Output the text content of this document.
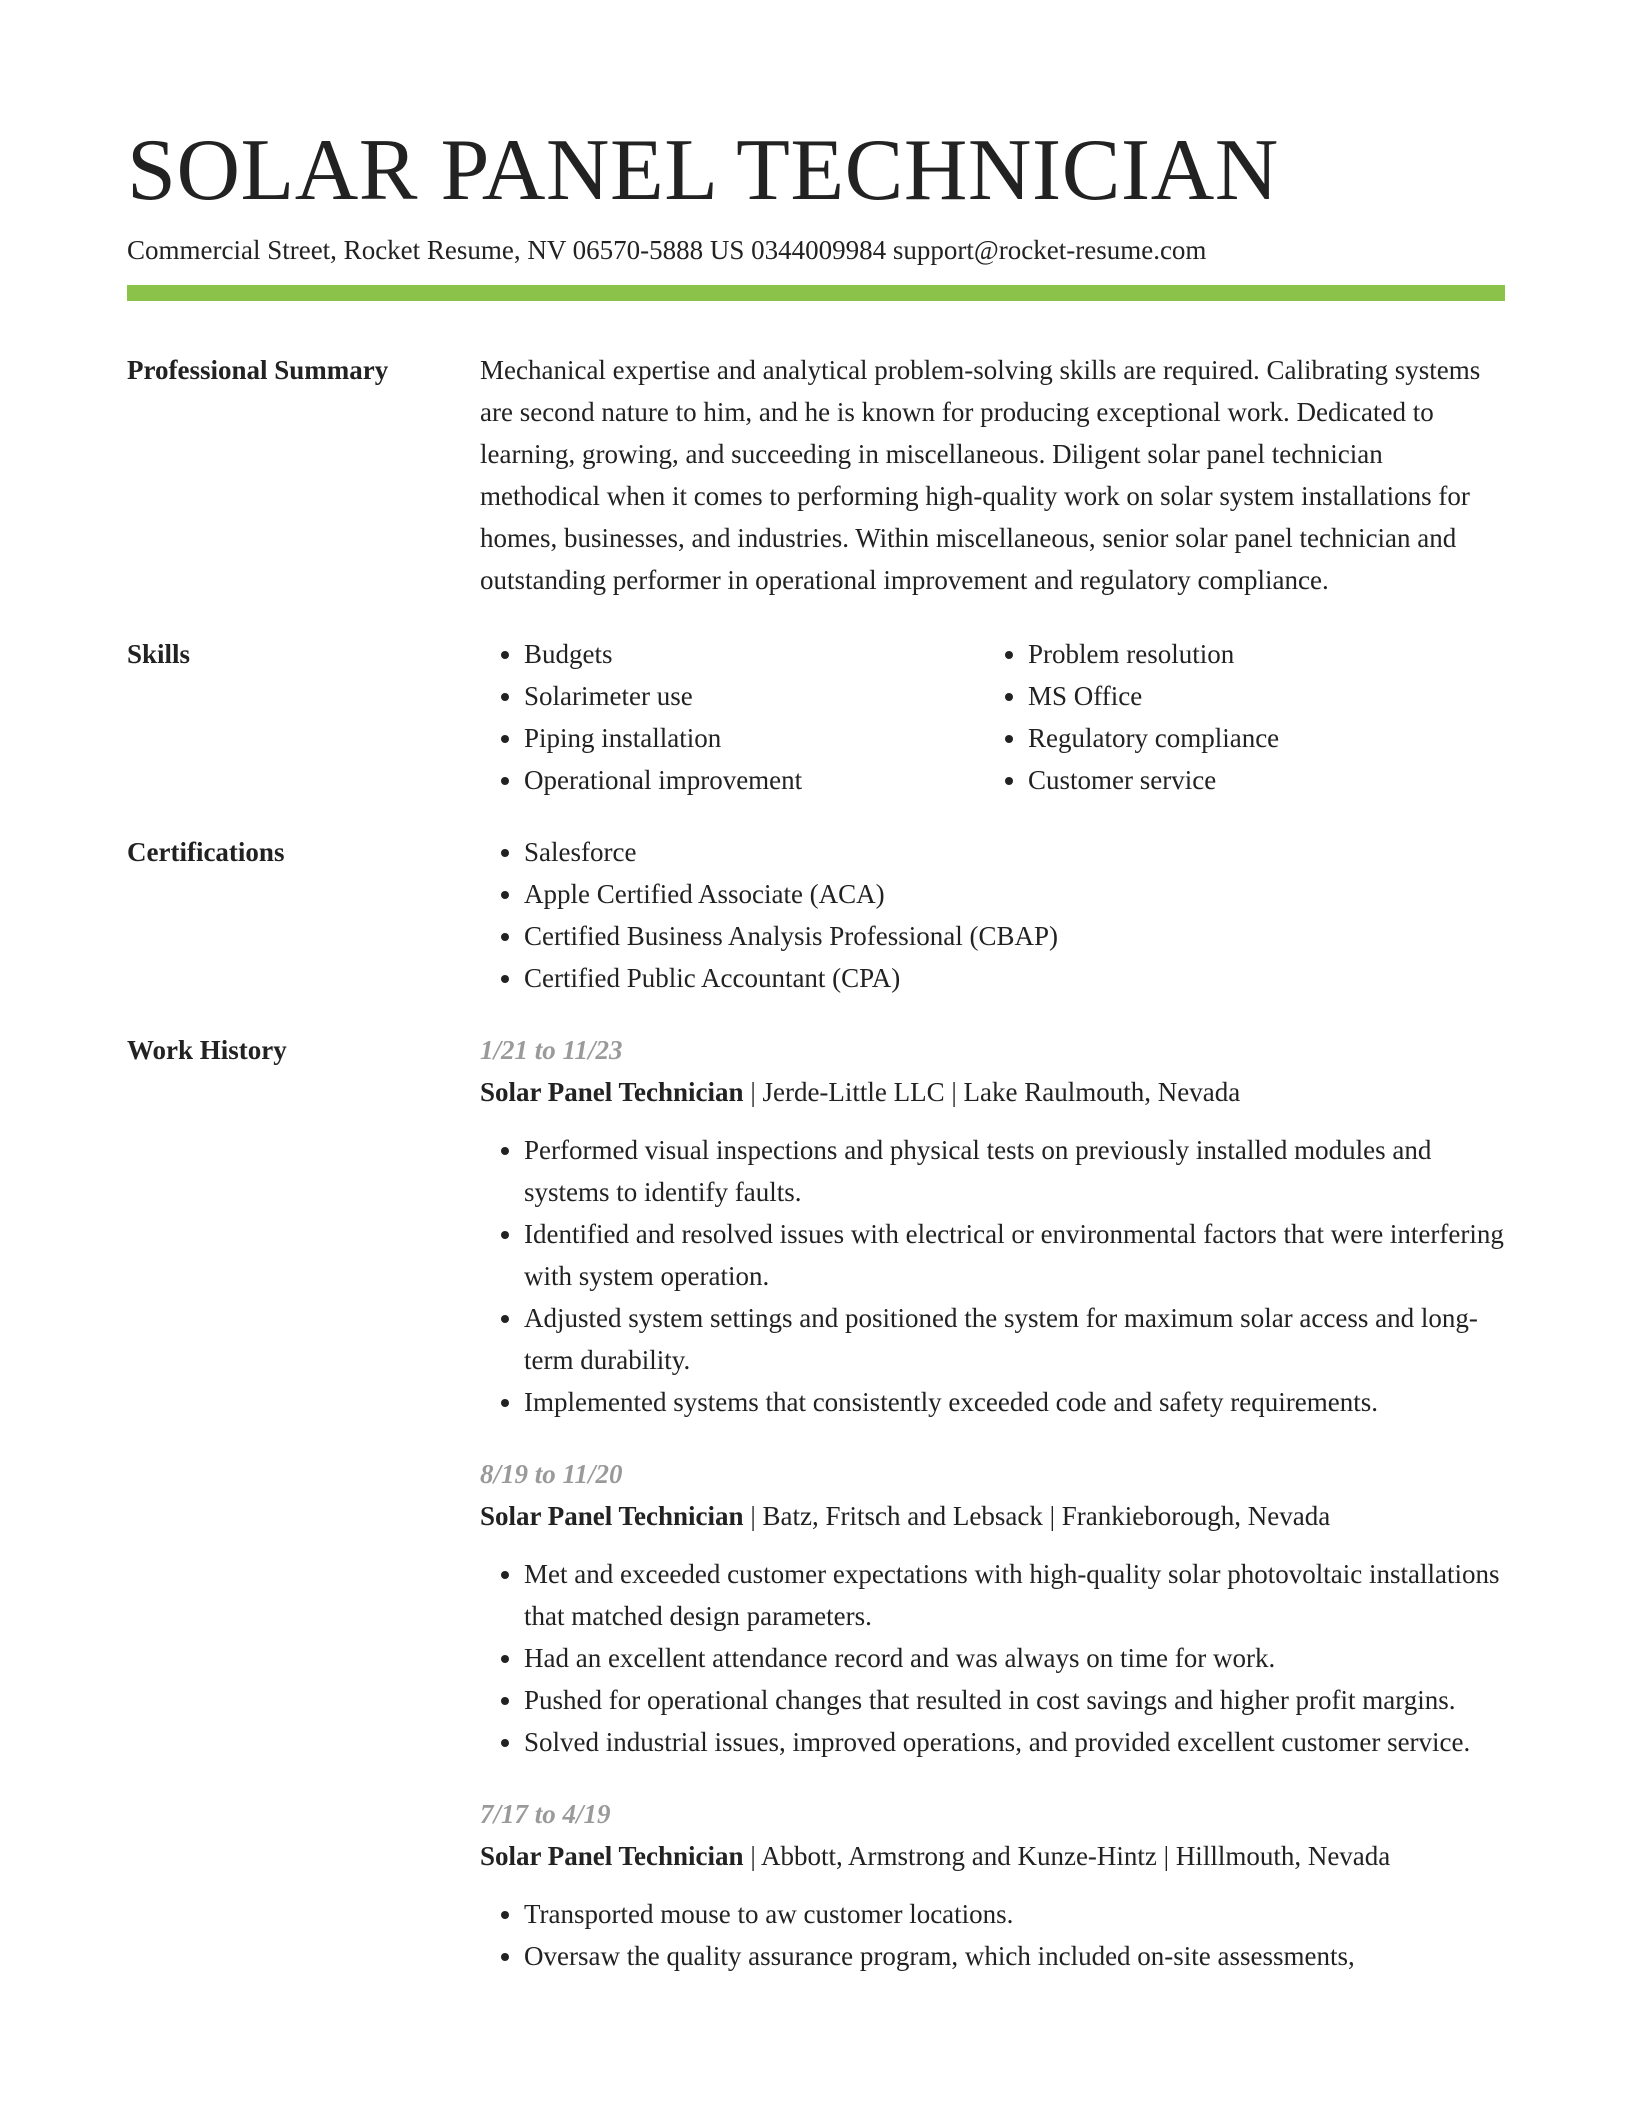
SOLAR PANEL TECHNICIAN
Commercial Street, Rocket Resume, NV 06570-5888 US 0344009984 support@rocket-resume.com
Professional Summary	Mechanical expertise and analytical problem-solving skills are required. Calibrating systems are second nature to him, and he is known for producing exceptional work. Dedicated to learning, growing, and succeeding in miscellaneous. Diligent solar panel technician methodical when it comes to performing high-quality work on solar system installations for homes, businesses, and industries. Within miscellaneous, senior solar panel technician and outstanding performer in operational improvement and regulatory compliance.

Skills	• Budgets
• Solarimeter use
• Piping installation
• Operational improvement
• Problem resolution
• MS Office
• Regulatory compliance
• Customer service
Certifications	• Salesforce
• Apple Certified Associate (ACA)
• Certified Business Analysis Professional (CBAP)
• Certified Public Accountant (CPA)
Work History	1/21 to 11/23
Solar Panel Technician | Jerde-Little LLC | Lake Raulmouth, Nevada
• Performed visual inspections and physical tests on previously installed modules and systems to identify faults.
• Identified and resolved issues with electrical or environmental factors that were interfering with system operation.
• Adjusted system settings and positioned the system for maximum solar access and long-term durability.
• Implemented systems that consistently exceeded code and safety requirements.
8/19 to 11/20
Solar Panel Technician | Batz, Fritsch and Lebsack | Frankieborough, Nevada
• Met and exceeded customer expectations with high-quality solar photovoltaic installations that matched design parameters.
• Had an excellent attendance record and was always on time for work.
• Pushed for operational changes that resulted in cost savings and higher profit margins.
• Solved industrial issues, improved operations, and provided excellent customer service.
7/17 to 4/19
Solar Panel Technician | Abbott, Armstrong and Kunze-Hintz | Hilllmouth, Nevada
• Transported mouse to aw customer locations.
• Oversaw the quality assurance program, which included on-site assessments,
